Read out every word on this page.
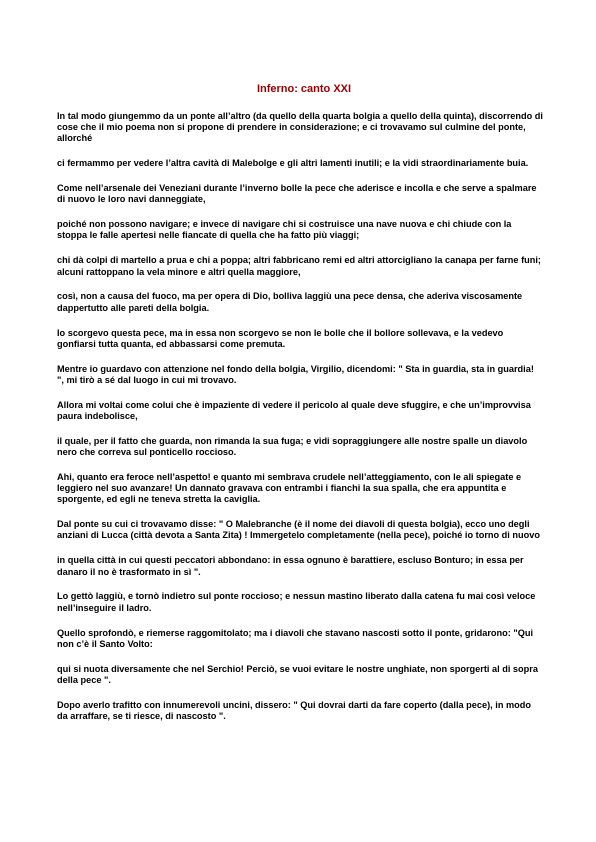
Inferno: canto XXI

In tal modo giungemmo da un ponte all’altro (da quello della quarta bolgia a quello della quinta), discorrendo di cose che il mio poema non si propone di prendere in considerazione; e ci trovavamo sul culmine del ponte, allorché

ci fermammo per vedere l’altra cavità di Malebolge e gli altri lamenti inutili; e la vidi straordinariamente buia.

Come nell’arsenale dei Veneziani durante l’inverno bolle la pece che aderisce e incolla e che serve a spalmare di nuovo le loro navi danneggiate,

poiché non possono navigare; e invece di navigare chi si costruisce una nave nuova e chi chiude con la stoppa le falle apertesi nelle fiancate di quella che ha fatto più viaggi;

chi dà colpi di martello a prua e chi a poppa; altri fabbricano remi ed altri attorcigliano la canapa per farne funi; alcuni rattoppano la vela minore e altri quella maggiore,

così, non a causa del fuoco, ma per opera di Dio, bolliva laggiù una pece densa, che aderiva viscosamente dappertutto alle pareti della bolgia.

Io scorgevo questa pece, ma in essa non scorgevo se non le bolle che il bollore sollevava, e la vedevo gonfiarsi tutta quanta, ed abbassarsi come premuta.

Mentre io guardavo con attenzione nel fondo della bolgia, Virgilio, dicendomi: " Sta in guardia, sta in guardia! ", mi tirò a sé dal luogo in cui mi trovavo.

Allora mi voltai come colui che è impaziente di vedere il pericolo al quale deve sfuggire, e che un’improvvisa paura indebolisce,

il quale, per il fatto che guarda, non rimanda la sua fuga; e vidi sopraggiungere alle nostre spalle un diavolo nero che correva sul ponticello roccioso.

Ahi, quanto era feroce nell’aspetto! e quanto mi sembrava crudele nell’atteggiamento, con le ali spiegate e leggiero nel suo avanzare! Un dannato gravava con entrambi i fianchi la sua spalla, che era appuntita e sporgente, ed egli ne teneva stretta la caviglia.

Dal ponte su cui ci trovavamo disse: " O Malebranche (è il nome dei diavoli di questa bolgia), ecco uno degli anziani di Lucca (città devota a Santa Zita) ! Immergetelo completamente (nella pece), poiché io torno di nuovo

in quella città in cui questi peccatori abbondano: in essa ognuno è barattiere, escluso Bonturo; in essa per danaro il no è trasformato in sì ".

Lo gettò laggiù, e tornò indietro sul ponte roccioso; e nessun mastino liberato dalla catena fu mai così veloce nell’inseguire il ladro.

Quello sprofondò, e riemerse raggomitolato; ma i diavoli che stavano nascosti sotto il ponte, gridarono: "Qui non c’è il Santo Volto:

qui si nuota diversamente che nel Serchio! Perciò, se vuoi evitare le nostre unghiate, non sporgerti al di sopra della pece ".

Dopo averlo trafitto con innumerevoli uncini, dissero: " Qui dovrai darti da fare coperto (dalla pece), in modo da arraffare, se ti riesce, di nascosto ".
